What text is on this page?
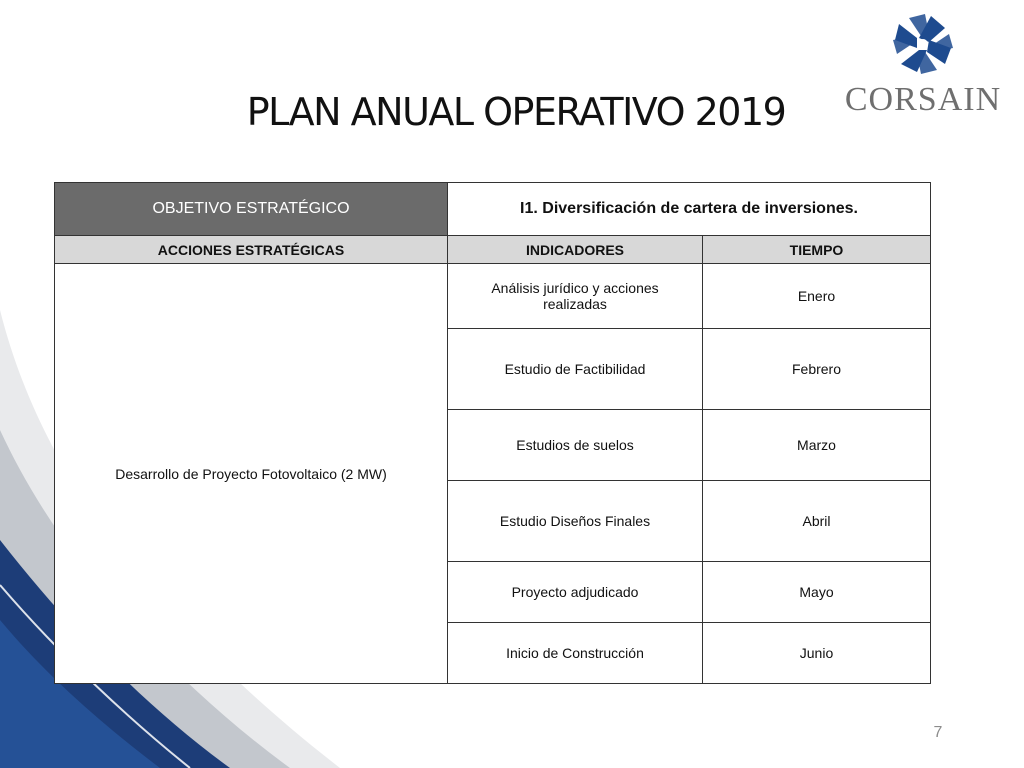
CORSAIN
PLAN ANUAL OPERATIVO 2019
OBJETIVO ESTRATÉGICO	I1. Diversificación de cartera de inversiones.	
ACCIONES ESTRATÉGICAS	INDICADORES	TIEMPO
Desarrollo de Proyecto Fotovoltaico (2 MW)	Análisis jurídico y acciones realizadas	Enero
	Estudio de Factibilidad	Febrero
	Estudios de suelos	Marzo
	Estudio Diseños Finales	Abril
	Proyecto adjudicado	Mayo
	Inicio de Construcción	Junio
7
